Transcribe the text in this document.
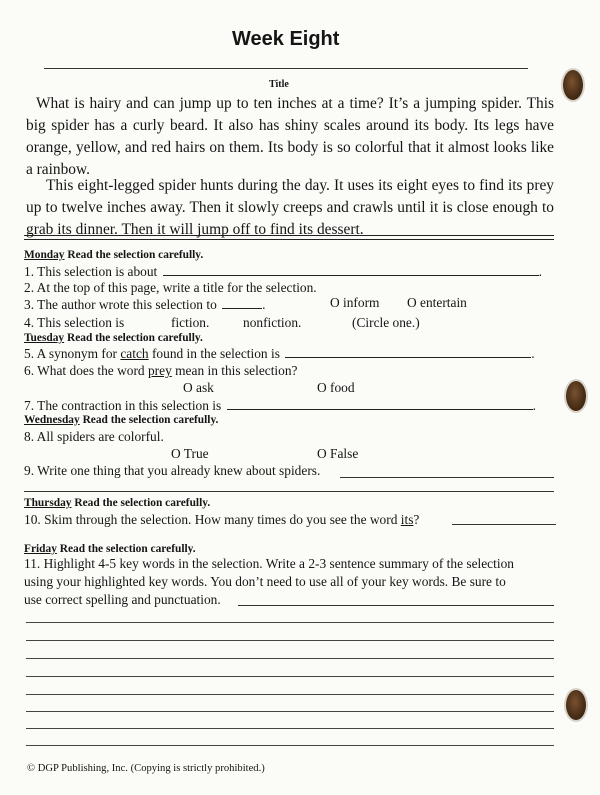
Week Eight
Title

What is hairy and can jump up to ten inches at a time? It’s a jumping spider. This big spider has a curly beard. It also has shiny scales around its body. Its legs have orange, yellow, and red hairs on them. Its body is so colorful that it almost looks like a rainbow.

This eight-legged spider hunts during the day. It uses its eight eyes to find its prey up to twelve inches away. Then it slowly creeps and crawls until it is close enough to grab its dinner. Then it will jump off to find its dessert.

Monday Read the selection carefully.
1. This selection is about	.
2. At the top of this page, write a title for the selection.
3. The author wrote this selection to	.	O inform O entertain
4. This selection is	fiction.	nonfiction.	(Circle one.)
Tuesday Read the selection carefully.
5. A synonym for catch found in the selection is	.
6. What does the word prey mean in this selection?
O ask	O food
7. The contraction in this selection is	.
Wednesday Read the selection carefully.
8. All spiders are colorful.
O True	O False
9. Write one thing that you already knew about spiders.
Thursday Read the selection carefully.
10. Skim through the selection. How many times do you see the word its?
Friday Read the selection carefully.
11. Highlight 4-5 key words in the selection. Write a 2-3 sentence summary of the selection
using your highlighted key words. You don’t need to use all of your key words. Be sure to
use correct spelling and punctuation.
© DGP Publishing, Inc. (Copying is strictly prohibited.)
